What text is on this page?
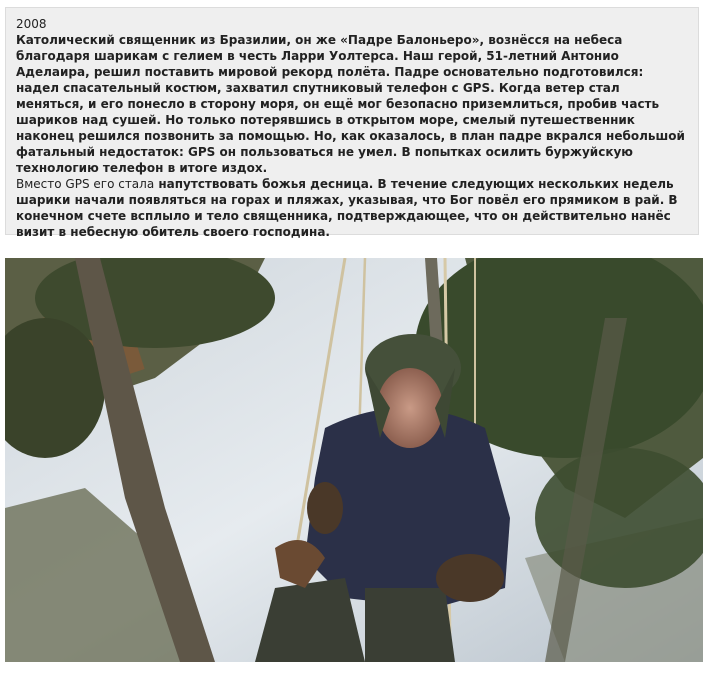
2008
Католический священник из Бразилии, он же «Падре Балоньеро», вознёсся на небеса благодаря шарикам с гелием в честь Ларри Уолтерса. Наш герой, 51-летний Антонио Аделаира, решил поставить мировой рекорд полёта. Падре основательно подготовился: надел спасательный костюм, захватил спутниковый телефон с GPS. Когда ветер стал меняться, и его понесло в сторону моря, он ещё мог безопасно приземлиться, пробив часть шариков над сушей. Но только потерявшись в открытом море, смелый путешественник наконец решился позвонить за помощью. Но, как оказалось, в план падре вкрался небольшой фатальный недостаток: GPS он пользоваться не умел. В попытках осилить буржуйскую технологию телефон в итоге издох.
Вместо GPS его стала напутствовать божья десница. В течение следующих нескольких недель шарики начали появляться на горах и пляжах, указывая, что Бог повёл его прямиком в рай. В конечном счете всплыло и тело священника, подтверждающее, что он действительно нанёс визит в небесную обитель своего господина.
